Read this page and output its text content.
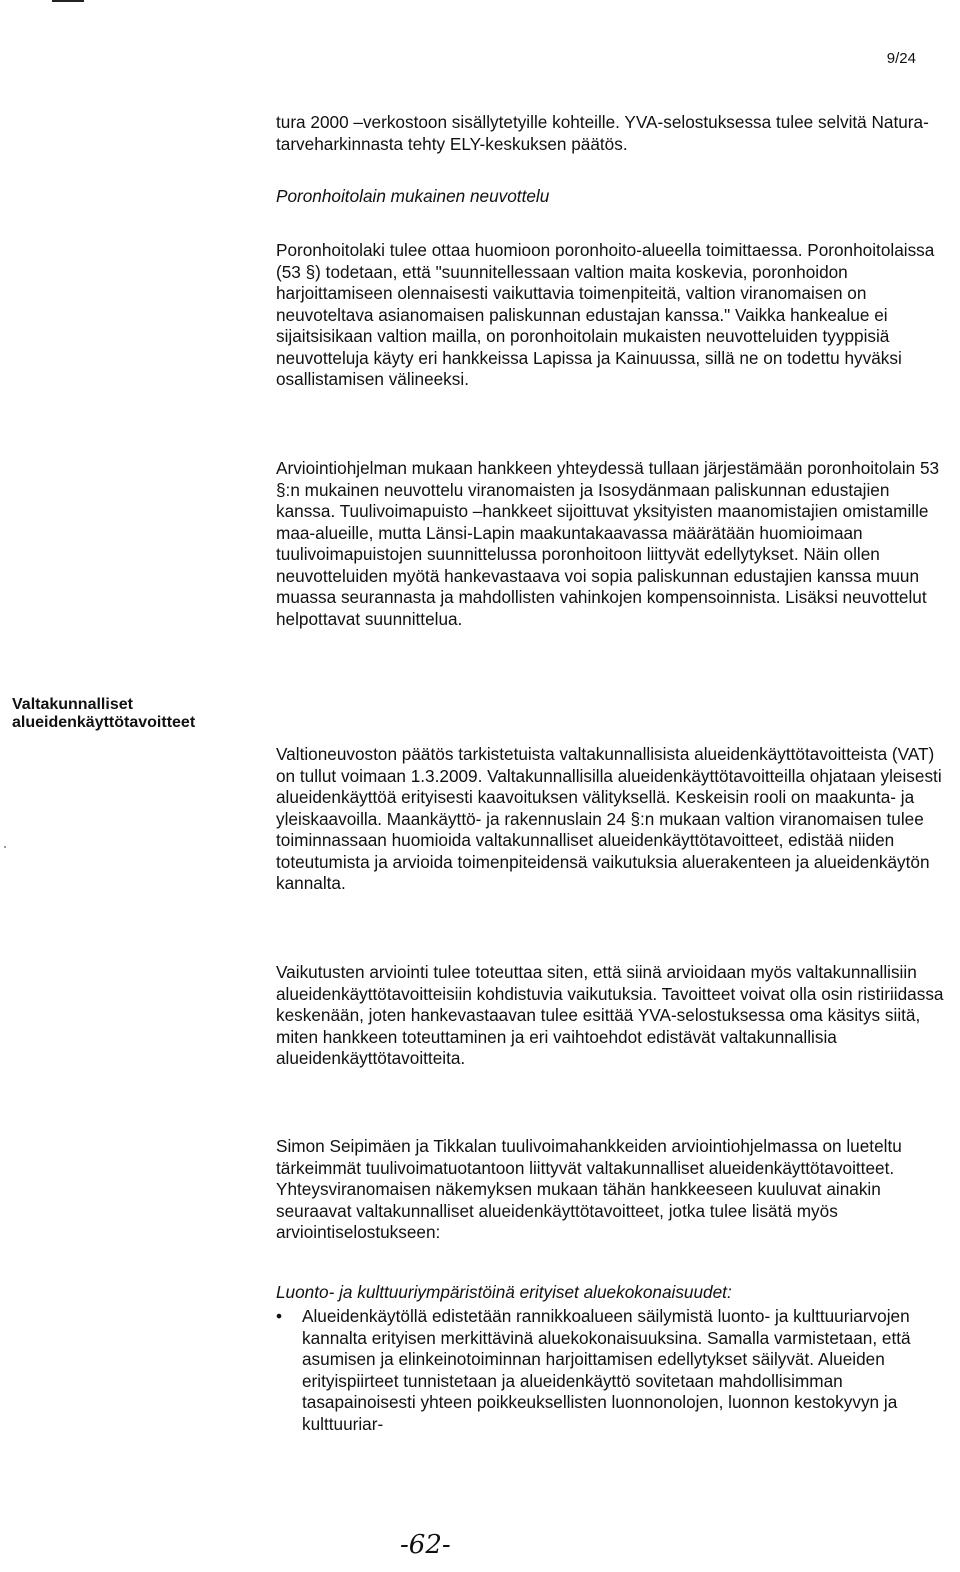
9/24

tura 2000 –verkostoon sisällytetyille kohteille. YVA-selostuksessa tulee selvitä Natura-tarveharkinnasta tehty ELY-keskuksen päätös.

Poronhoitolain mukainen neuvottelu

Poronhoitolaki tulee ottaa huomioon poronhoito-alueella toimittaessa. Poronhoitolaissa (53 §) todetaan, että "suunnitellessaan valtion maita koskevia, poronhoidon harjoittamiseen olennaisesti vaikuttavia toimenpiteitä, valtion viranomaisen on neuvoteltava asianomaisen paliskunnan edustajan kanssa." Vaikka hankealue ei sijaitsisikaan valtion mailla, on poronhoitolain mukaisten neuvotteluiden tyyppisiä neuvotteluja käyty eri hankkeissa Lapissa ja Kainuussa, sillä ne on todettu hyväksi osallistamisen välineeksi.

Arviointiohjelman mukaan hankkeen yhteydessä tullaan järjestämään poronhoitolain 53 §:n mukainen neuvottelu viranomaisten ja Isosydänmaan paliskunnan edustajien kanssa. Tuulivoimapuisto –hankkeet sijoittuvat yksityisten maanomistajien omistamille maa-alueille, mutta Länsi-Lapin maakuntakaavassa määrätään huomioimaan tuulivoimapuistojen suunnittelussa poronhoitoon liittyvät edellytykset. Näin ollen neuvotteluiden myötä hankevastaava voi sopia paliskunnan edustajien kanssa muun muassa seurannasta ja mahdollisten vahinkojen kompensoinnista. Lisäksi neuvottelut helpottavat suunnittelua.

Valtakunnalliset alueidenkäyttötavoitteet

Valtioneuvoston päätös tarkistetuista valtakunnallisista alueidenkäyttötavoitteista (VAT) on tullut voimaan 1.3.2009. Valtakunnallisilla alueidenkäyttötavoitteilla ohjataan yleisesti alueidenkäyttöä erityisesti kaavoituksen välityksellä. Keskeisin rooli on maakunta- ja yleiskaavoilla. Maankäyttö- ja rakennuslain 24 §:n mukaan valtion viranomaisen tulee toiminnassaan huomioida valtakunnalliset alueidenkäyttötavoitteet, edistää niiden toteutumista ja arvioida toimenpiteidensä vaikutuksia aluerakenteen ja alueidenkäytön kannalta.

Vaikutusten arviointi tulee toteuttaa siten, että siinä arvioidaan myös valtakunnallisiin alueidenkäyttötavoitteisiin kohdistuvia vaikutuksia. Tavoitteet voivat olla osin ristiriidassa keskenään, joten hankevastaavan tulee esittää YVA-selostuksessa oma käsitys siitä, miten hankkeen toteuttaminen ja eri vaihtoehdot edistävät valtakunnallisia alueidenkäyttötavoitteita.

Simon Seipimäen ja Tikkalan tuulivoimahankkeiden arviointiohjelmassa on lueteltu tärkeimmät tuulivoimatuotantoon liittyvät valtakunnalliset alueidenkäyttötavoitteet. Yhteysviranomaisen näkemyksen mukaan tähän hankkeeseen kuuluvat ainakin seuraavat valtakunnalliset alueidenkäyttötavoitteet, jotka tulee lisätä myös arviointiselostukseen:

Luonto- ja kulttuuriympäristöinä erityiset aluekokonaisuudet:

• Alueidenkäytöllä edistetään rannikkoalueen säilymistä luonto- ja kulttuuriarvojen kannalta erityisen merkittävinä aluekokonaisuuksina. Samalla varmistetaan, että asumisen ja elinkeinotoiminnan harjoittamisen edellytykset säilyvät. Alueiden erityispiirteet tunnistetaan ja alueidenkäyttö sovitetaan mahdollisimman tasapainoisesti yhteen poikkeuksellisten luonnonolojen, luonnon kestokyvyn ja kulttuuriar-
-62-
